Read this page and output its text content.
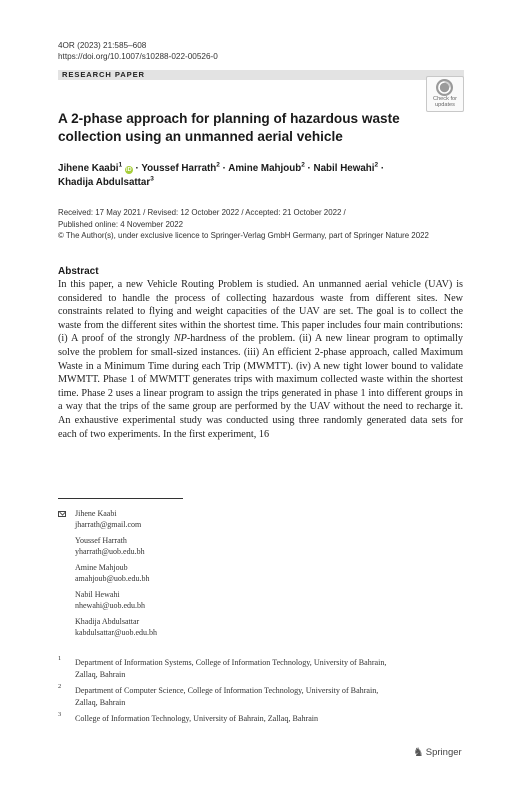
4OR (2023) 21:585–608
https://doi.org/10.1007/s10288-022-00526-0
RESEARCH PAPER
Check for
updates
A 2-phase approach for planning of hazardous waste
collection using an unmanned aerial vehicle
Jihene Kaabi$^1$ iD · Youssef Harrath$^2$ · Amine Mahjoub$^2$ · Nabil Hewahi$^2$ ·
Khadija Abdulsattar$^3$
Received: 17 May 2021 / Revised: 12 October 2022 / Accepted: 21 October 2022 /
Published online: 4 November 2022
© The Author(s), under exclusive licence to Springer-Verlag GmbH Germany, part of Springer Nature 2022
Abstract
In this paper, a new Vehicle Routing Problem is studied. An unmanned aerial vehicle (UAV) is considered to handle the process of collecting hazardous waste from different sites. New constraints related to flying and weight capacities of the UAV are set. The goal is to collect the waste from the different sites within the shortest time. This paper includes four main contributions: (i) A proof of the strongly NP-hardness of the problem. (ii) A new linear program to optimally solve the problem for small-sized instances. (iii) An efficient 2-phase approach, called Maximum Waste in a Minimum Time during each Trip (MWMTT). (iv) A new tight lower bound to validate MWMTT. Phase 1 of MWMTT generates trips with maximum collected waste within the shortest time. Phase 2 uses a linear program to assign the trips generated in phase 1 into different groups in a way that the trips of the same group are performed by the UAV without the need to recharge it. An exhaustive experimental study was conducted using three randomly generated data sets for each of two experiments. In the first experiment, 16
Jihene Kaabi
jharrath@gmail.com
Youssef Harrath
yharrath@uob.edu.bh
Amine Mahjoub
amahjoub@uob.edu.bh
Nabil Hewahi
nhewahi@uob.edu.bh
Khadija Abdulsattar
kabdulsattar@uob.edu.bh
1 Department of Information Systems, College of Information Technology, University of Bahrain,
Zallaq, Bahrain
2 Department of Computer Science, College of Information Technology, University of Bahrain,
Zallaq, Bahrain
3 College of Information Technology, University of Bahrain, Zallaq, Bahrain
♞ Springer
